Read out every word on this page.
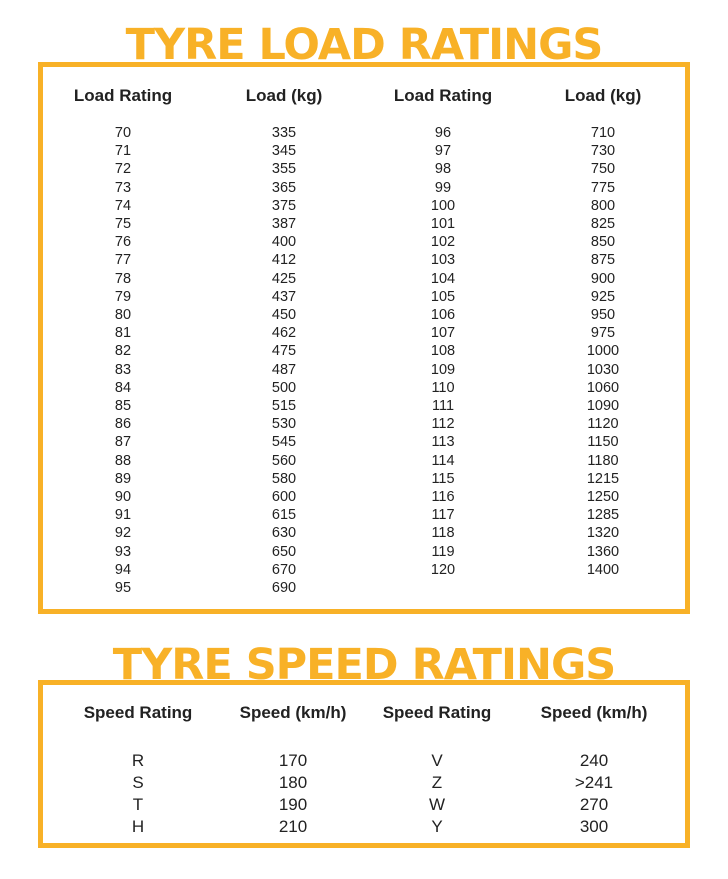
TYRE LOAD RATINGS
Load Rating
70
71
72
73
74
75
76
77
78
79
80
81
82
83
84
85
86
87
88
89
90
91
92
93
94
95
Load (kg)
335
345
355
365
375
387
400
412
425
437
450
462
475
487
500
515
530
545
560
580
600
615
630
650
670
690
Load Rating
96
97
98
99
100
101
102
103
104
105
106
107
108
109
110
111
112
113
114
115
116
117
118
119
120
Load (kg)
710
730
750
775
800
825
850
875
900
925
950
975
1000
1030
1060
1090
1120
1150
1180
1215
1250
1285
1320
1360
1400
TYRE SPEED RATINGS
Speed Rating
R
S
T
H
Speed (km/h)
170
180
190
210
Speed Rating
V
Z
W
Y
Speed (km/h)
240
>241
270
300
